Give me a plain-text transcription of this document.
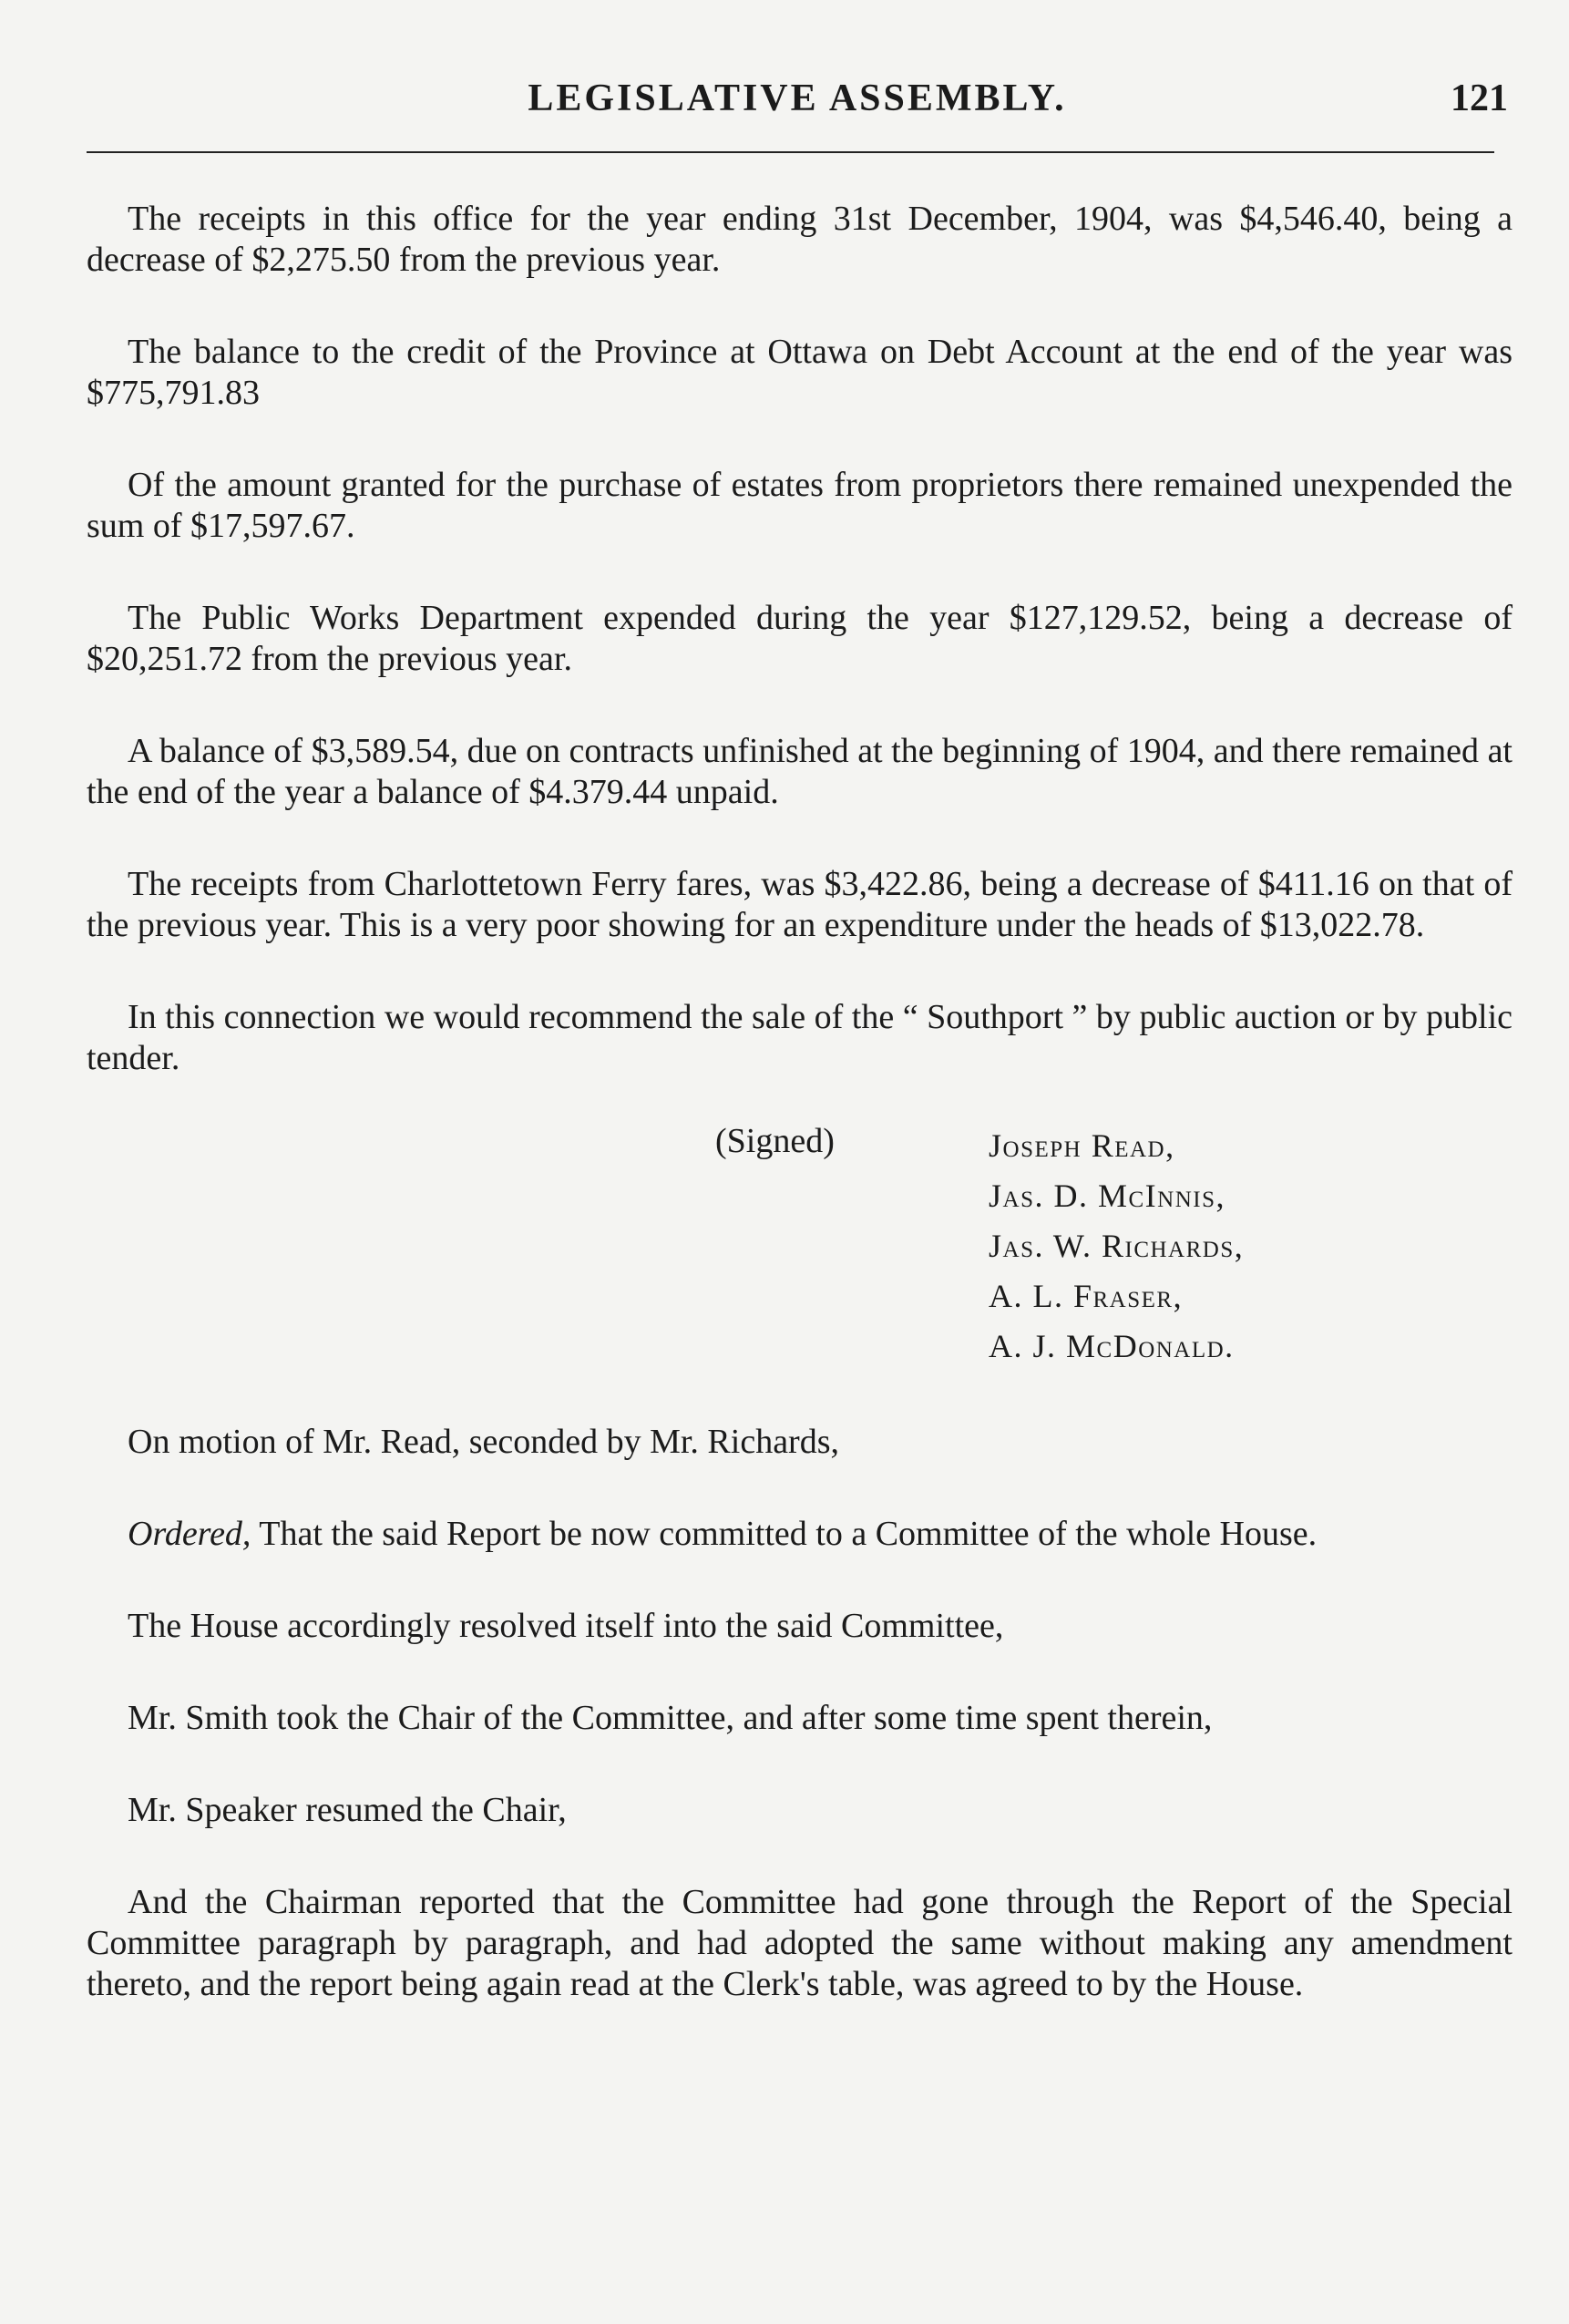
LEGISLATIVE ASSEMBLY.	121

The receipts in this office for the year ending 31st December, 1904, was $4,546.40, being a decrease of $2,275.50 from the previous year.

The balance to the credit of the Province at Ottawa on Debt Account at the end of the year was $775,791.83

Of the amount granted for the purchase of estates from proprietors there remained unexpended the sum of $17,597.67.

The Public Works Department expended during the year $127,129.52, being a decrease of $20,251.72 from the previous year.

A balance of $3,589.54, due on contracts unfinished at the beginning of 1904, and there remained at the end of the year a balance of $4.379.44 unpaid.

The receipts from Charlottetown Ferry fares, was $3,422.86, being a decrease of $411.16 on that of the previous year. This is a very poor showing for an expenditure under the heads of $13,022.78.

In this connection we would recommend the sale of the “ Southport ” by public auction or by public tender.

(Signed)	Joseph Read,
Jas. D. McInnis,
Jas. W. Richards,
A. L. Fraser,
A. J. McDonald.

On motion of Mr. Read, seconded by Mr. Richards,

Ordered, That the said Report be now committed to a Committee of the whole House.

The House accordingly resolved itself into the said Committee,

Mr. Smith took the Chair of the Committee, and after some time spent therein,

Mr. Speaker resumed the Chair,

And the Chairman reported that the Committee had gone through the Report of the Special Committee paragraph by paragraph, and had adopted the same without making any amendment thereto, and the report being again read at the Clerk's table, was agreed to by the House.
